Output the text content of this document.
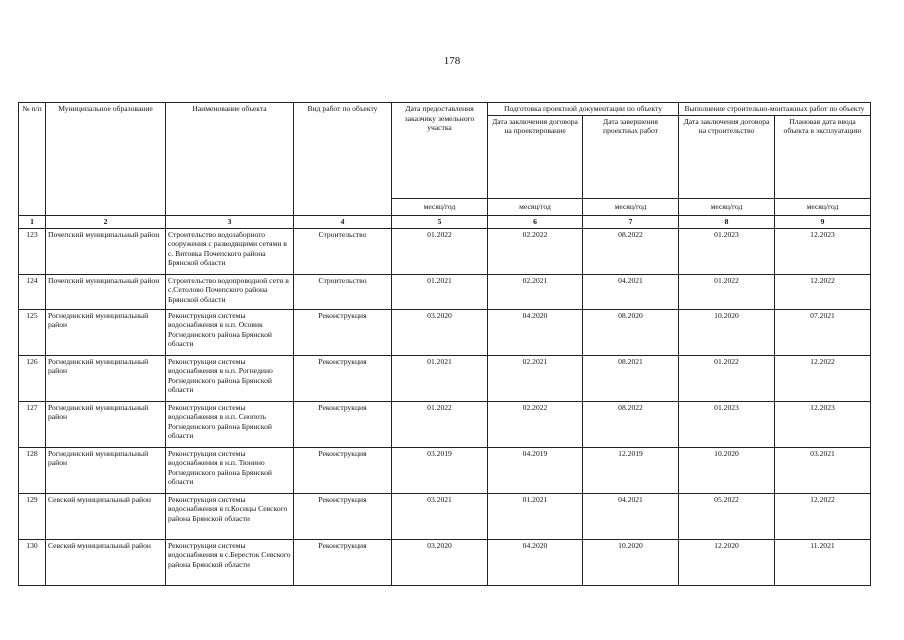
178
№ п/п	Муниципальное образование	Наименование объекта	Вид работ по объекту	Дата предоставления заказчику земельного участка	Подготовка проектной документации по объекту		Выполнение строительно-монтажных работ по объекту	
					Дата заключения договора на проектирование	Дата завершения проектных работ	Дата заключения договора на строительство	Плановая дата ввода объекта в эксплуатацию
				месяц/год	месяц/год	месяц/год	месяц/год	месяц/год
1	2	3	4	5	6	7	8	9
123	Почепский муниципальный район	Строительство водозаборного сооружения с разводящими сетями в с. Витовка Почепского района Брянской области	Строительство	01.2022	02.2022	08.2022	01.2023	12.2023
124	Почепский муниципальный район	Строительство водопроводной сети в с.Сетолово Почепского района Брянской области	Строительство	01.2021	02.2021	04.2021	01.2022	12.2022
125	Рогнединский муниципальный район	Реконструкция системы водоснабжения в н.п. Осовик Рогнединского района Брянской области	Реконструкция	03.2020	04.2020	08.2020	10.2020	07.2021
126	Рогнединский муниципальный район	Реконструкция системы водоснабжения в н.п. Рогнедино Рогнединского района Брянской области	Реконструкция	01.2021	02.2021	08.2021	01.2022	12.2022
127	Рогнединский муниципальный район	Реконструкция системы водоснабжения в н.п. Снопоть Рогнединского района Брянской области	Реконструкция	01.2022	02.2022	08.2022	01.2023	12.2023
128	Рогнединский муниципальный район	Реконструкция системы водоснабжения в н.п. Тюнино Рогнединского района Брянской области	Реконструкция	03.2019	04.2019	12.2019	10.2020	03.2021
129	Севский муниципальный район	Реконструкция системы водоснабжения в п.Косицы Севского района Брянской области	Реконструкция	03.2021	01.2021	04.2021	05.2022	12.2022
130	Севский муниципальный район	Реконструкция системы водоснабжения в с.Бересток Севского района Брянской области	Реконструкция	03.2020	04.2020	10.2020	12.2020	11.2021
